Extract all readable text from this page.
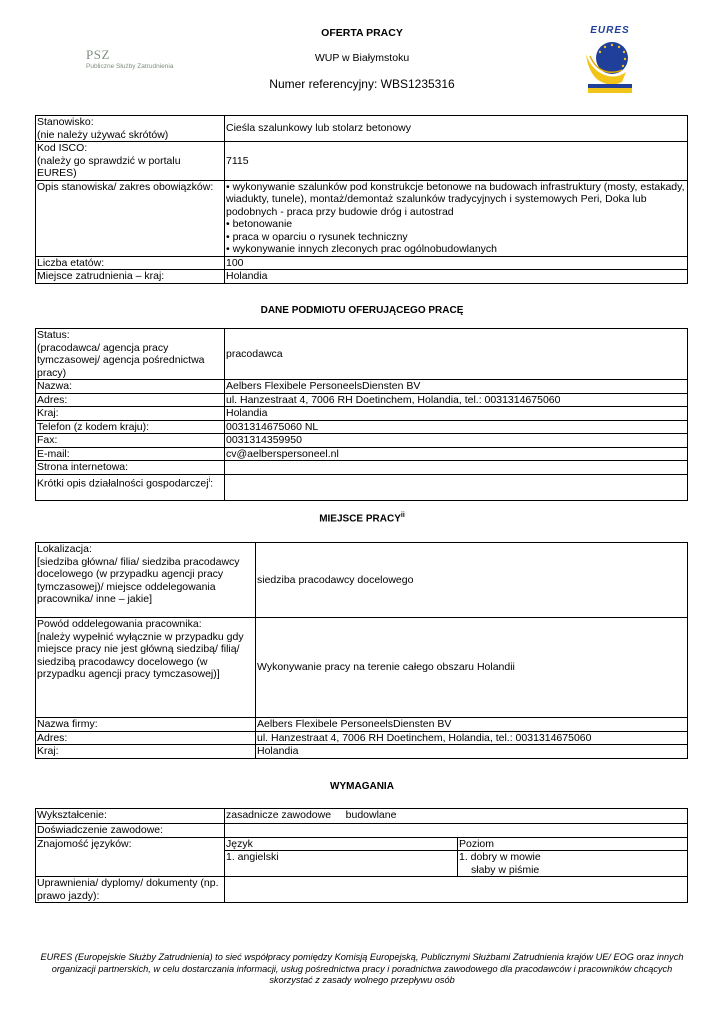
OFERTA PRACY
WUP w Białymstoku
Numer referencyjny: WBS1235316
PSZ
Publiczne Służby Zatrudnienia
EURES
Stanowisko:
(nie należy używać skrótów)	Cieśla szalunkowy lub stolarz betonowy
Kod ISCO:
(należy go sprawdzić w portalu EURES)	7115
Opis stanowiska/ zakres obowiązków:	• wykonywanie szalunków pod konstrukcje betonowe na budowach infrastruktury (mosty, estakady, wiadukty, tunele), montaż/demontaż szalunków tradycyjnych i systemowych Peri, Doka lub podobnych - praca przy budowie dróg i autostrad
• betonowanie
• praca w oparciu o rysunek techniczny
• wykonywanie innych zleconych prac ogólnobudowlanych
Liczba etatów:	100
Miejsce zatrudnienia – kraj:	Holandia
DANE PODMIOTU OFERUJĄCEGO PRACĘ
Status:
(pracodawca/ agencja pracy tymczasowej/ agencja pośrednictwa pracy)	pracodawca
Nazwa:	Aelbers Flexibele PersoneelsDiensten BV
Adres:	ul. Hanzestraat 4, 7006 RH Doetinchem, Holandia, tel.: 0031314675060
Kraj:	Holandia
Telefon (z kodem kraju):	0031314675060 NL
Fax:	0031314359950
E-mail:	cv@aelberspersoneel.nl
Strona internetowa:	
Krótki opis działalności gospodarczej$^i$:	
MIEJSCE PRACY$^{ii}$
Lokalizacja:
[siedziba główna/ filia/ siedziba pracodawcy docelowego (w przypadku agencji pracy tymczasowej)/ miejsce oddelegowania pracownika/ inne – jakie]	siedziba pracodawcy docelowego
Powód oddelegowania pracownika:
[należy wypełnić wyłącznie w przypadku gdy miejsce pracy nie jest główną siedzibą/ filią/ siedzibą pracodawcy docelowego (w przypadku agencji pracy tymczasowej)]	Wykonywanie pracy na terenie całego obszaru Holandii
Nazwa firmy:	Aelbers Flexibele PersoneelsDiensten BV
Adres:	ul. Hanzestraat 4, 7006 RH Doetinchem, Holandia, tel.: 0031314675060
Kraj:	Holandia
WYMAGANIA
Wykształcenie:	zasadnicze zawodowe     budowlane	
Doświadczenie zawodowe:		
Znajomość języków:	Język	Poziom
	1. angielski	1. dobry w mowie
słaby w piśmie

Uprawnienia/ dyplomy/ dokumenty (np. prawo jazdy):		
EURES (Europejskie Służby Zatrudnienia) to sieć współpracy pomiędzy Komisją Europejską, Publicznymi Służbami Zatrudnienia krajów UE/ EOG oraz innych organizacji partnerskich, w celu dostarczania informacji, usług pośrednictwa pracy i poradnictwa zawodowego dla pracodawców i pracowników chcących skorzystać z zasady wolnego przepływu osób
